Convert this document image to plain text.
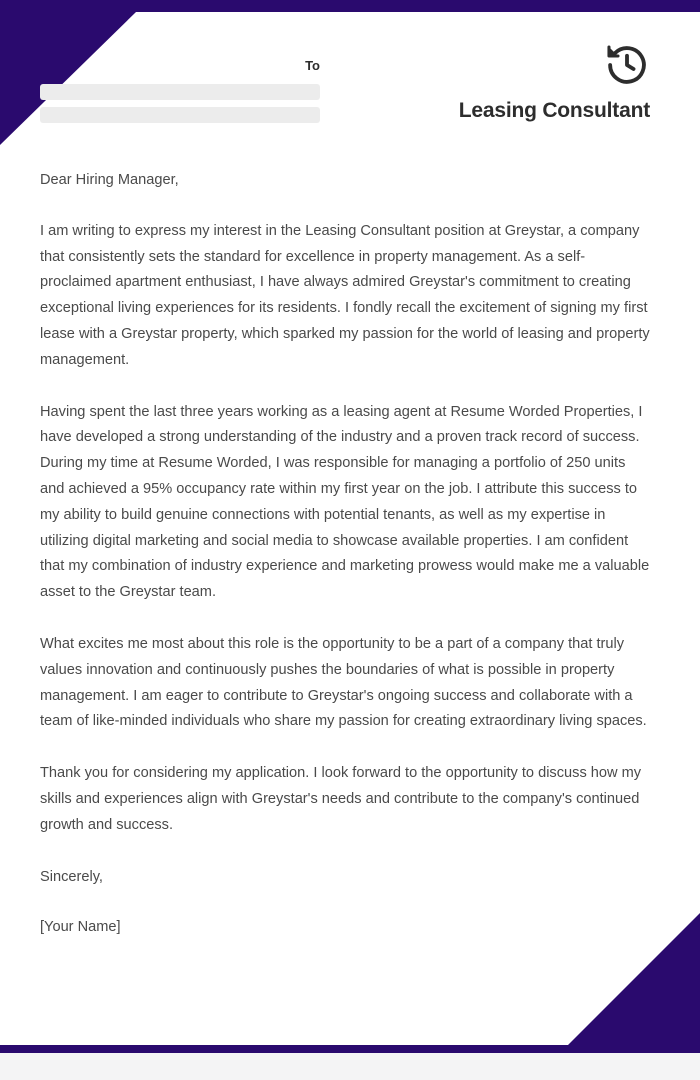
To
Leasing Consultant

Dear Hiring Manager,

I am writing to express my interest in the Leasing Consultant position at Greystar, a company that consistently sets the standard for excellence in property management. As a self-proclaimed apartment enthusiast, I have always admired Greystar's commitment to creating exceptional living experiences for its residents. I fondly recall the excitement of signing my first lease with a Greystar property, which sparked my passion for the world of leasing and property management.

Having spent the last three years working as a leasing agent at Resume Worded Properties, I have developed a strong understanding of the industry and a proven track record of success. During my time at Resume Worded, I was responsible for managing a portfolio of 250 units and achieved a 95% occupancy rate within my first year on the job. I attribute this success to my ability to build genuine connections with potential tenants, as well as my expertise in utilizing digital marketing and social media to showcase available properties. I am confident that my combination of industry experience and marketing prowess would make me a valuable asset to the Greystar team.

What excites me most about this role is the opportunity to be a part of a company that truly values innovation and continuously pushes the boundaries of what is possible in property management. I am eager to contribute to Greystar's ongoing success and collaborate with a team of like-minded individuals who share my passion for creating extraordinary living spaces.

Thank you for considering my application. I look forward to the opportunity to discuss how my skills and experiences align with Greystar's needs and contribute to the company's continued growth and success.

Sincerely,

[Your Name]
